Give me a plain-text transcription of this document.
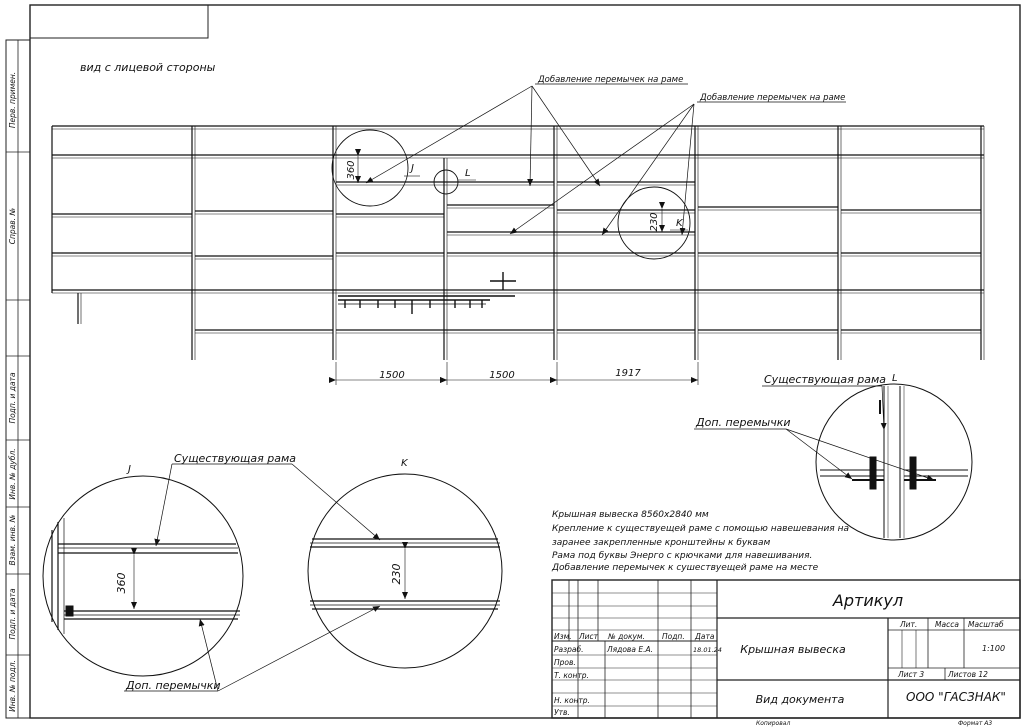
Перв. примен.
Справ. №
Подп. и дата
Инв. № дубл.
Взам. инв. №
Подп. и дата
Инв. № подл.
вид с лицевой стороны
J	L
K
360
230
Добавление перемычек на раме
Добавление перемычек на раме
1500	1500	1917	Существующая рама L
Доп. перемычки
J
Существующая рама
Доп. перемычки
360
K
230
Крышная вывеска 8560х2840 мм
Крепление к существуещей раме с помощью навешевания на
заранее закрепленные кронштейны к буквам
Рама под буквы Энерго с крючками для навешивания.
Добавление перемычек к сушествуещей раме на месте
Изм. Лист № докум. Подп. Дата
Разраб.	Лядова Е.А.	18.01.24
Пров.
Т. контр.
Н. контр.
Утв.
Артикул
Крышная вывеска
Вид документа
Лит. Масса Масштаб
1:100
Лист 3	Листов 12
ООО "ГАСЗНАК"
Копировал	Формат А3
